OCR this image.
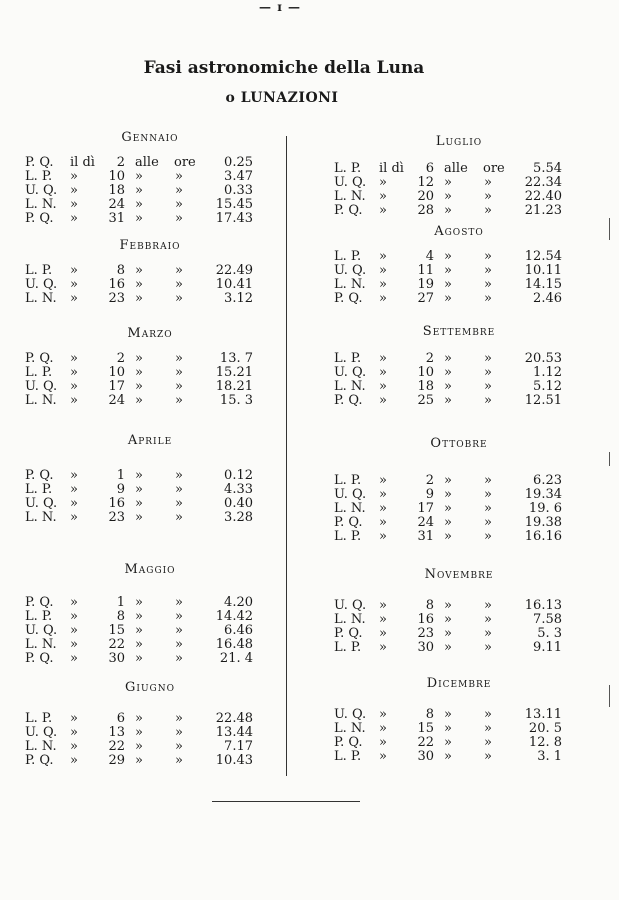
— ɪ —
Fasi astronomiche della Luna
o LUNAZIONI
Gennaio
P. Q. il dì	2 alle ore 0.25
L. P. » 10 » »	3.47
U. Q. » 18 » »	0.33
L. N. » 24 » »	15.45
P. Q. » 31 » »	17.43
Febbraio
L. P. »	8 » »	22.49
U. Q. » 16 » »	10.41
L. N. » 23 » »	3.12
Marzo
P. Q. »	2 » »	13. 7
L. P. » 10 » »	15.21
U. Q. » 17 » »	18.21
L. N. » 24 » »	15. 3
Aprile
P. Q. »	1 » »	0.12
L. P. »	9 » »	4.33
U. Q. » 16 » »	0.40
L. N. » 23 » »	3.28
Maggio
P. Q. »	1 » »	4.20
L. P. »	8 » »	14.42
U. Q. » 15 » »	6.46
L. N. » 22 » »	16.48
P. Q. » 30 » »	21. 4
Giugno
L. P. »	6 » »	22.48
U. Q. » 13 » »	13.44
L. N. » 22 » »	7.17
P. Q. » 29 » »	10.43
Luglio
L. P. il dì	6 alle ore 5.54
U. Q. » 12 » »	22.34
L. N. » 20 » »	22.40
P. Q. » 28 » »	21.23
Agosto
L. P. »	4 » »	12.54
U. Q. » 11 » »	10.11
L. N. » 19 » »	14.15
P. Q. » 27 » »	2.46
Settembre
L. P. »	2 » »	20.53
U. Q. » 10 » »	1.12
L. N. » 18 » »	5.12
P. Q. » 25 » »	12.51
Ottobre
L. P. »	2 » »	6.23
U. Q. »	9 » »	19.34
L. N. » 17 » »	19. 6
P. Q. » 24 » »	19.38
L. P. » 31 » »	16.16
Novembre
U. Q. »	8 » »	16.13
L. N. » 16 » »	7.58
P. Q. » 23 » »	5. 3
L. P. » 30 » »	9.11
Dicembre
U. Q. »	8 » »	13.11
L. N. » 15 » »	20. 5
P. Q. » 22 » »	12. 8
L. P. » 30 » »	3. 1
